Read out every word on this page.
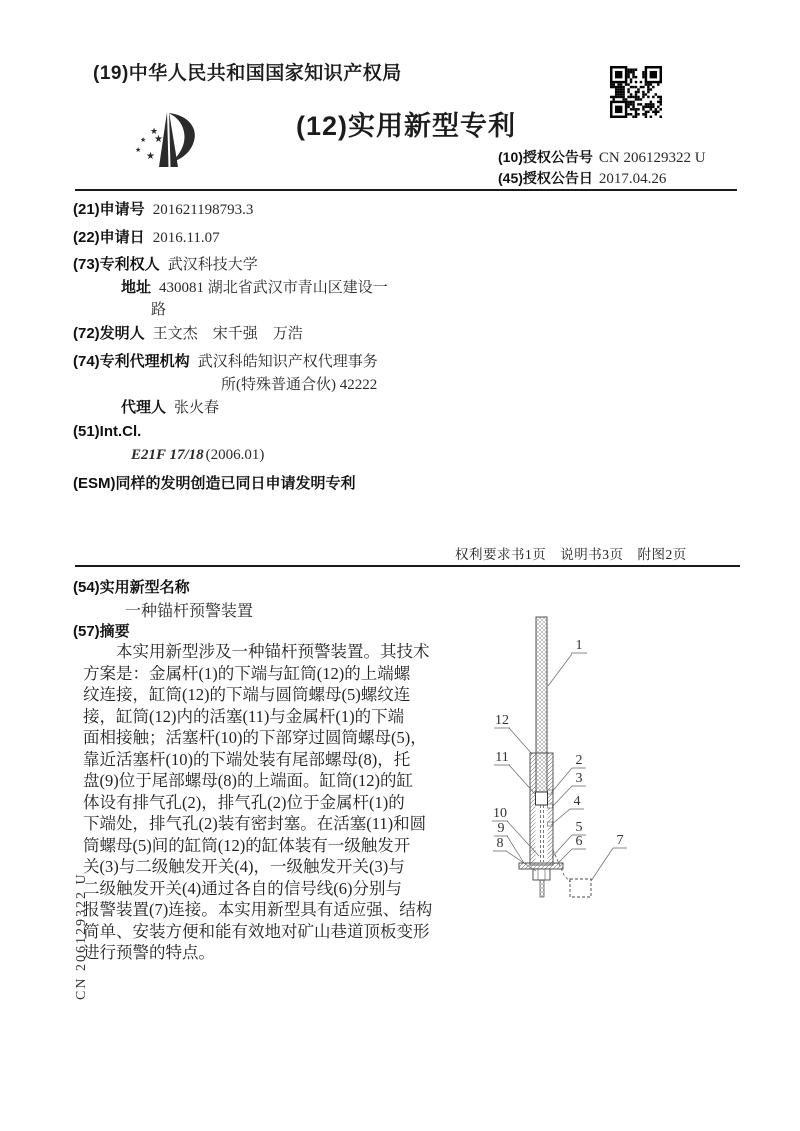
(19)中华人民共和国国家知识产权局
★
★ ★
★
★
(12)实用新型专利
(10)授权公告号 CN 206129322 U
(45)授权公告日 2017.04.26
(21)申请号 201621198793.3
(22)申请日 2016.11.07
(73)专利权人 武汉科技大学
地址 430081 湖北省武汉市青山区建设一
路
(72)发明人 王文杰　宋千强　万浩
(74)专利代理机构 武汉科皓知识产权代理事务
所(特殊普通合伙) 42222
代理人 张火春
(51)Int.Cl.
E21F 17/18 (2006.01)
(ESM)同样的发明创造已同日申请发明专利
权利要求书1页　说明书3页　附图2页
(54)实用新型名称
一种锚杆预警装置
(57)摘要
　　本实用新型涉及一种锚杆预警装置。其技术
方案是：金属杆(1)的下端与缸筒(12)的上端螺
纹连接，缸筒(12)的下端与圆筒螺母(5)螺纹连
接，缸筒(12)内的活塞(11)与金属杆(1)的下端
面相接触；活塞杆(10)的下部穿过圆筒螺母(5)，
靠近活塞杆(10)的下端处装有尾部螺母(8)，托
盘(9)位于尾部螺母(8)的上端面。缸筒(12)的缸
体设有排气孔(2)，排气孔(2)位于金属杆(1)的
下端处，排气孔(2)装有密封塞。在活塞(11)和圆
筒螺母(5)间的缸筒(12)的缸体装有一级触发开
关(3)与二级触发开关(4)，一级触发开关(3)与
二级触发开关(4)通过各自的信号线(6)分别与
报警装置(7)连接。本实用新型具有适应强、结构
简单、安装方便和能有效地对矿山巷道顶板变形
进行预警的特点。
1
2
3
4
5
6 7
8
9
10
11
12
CN 206129322 U
